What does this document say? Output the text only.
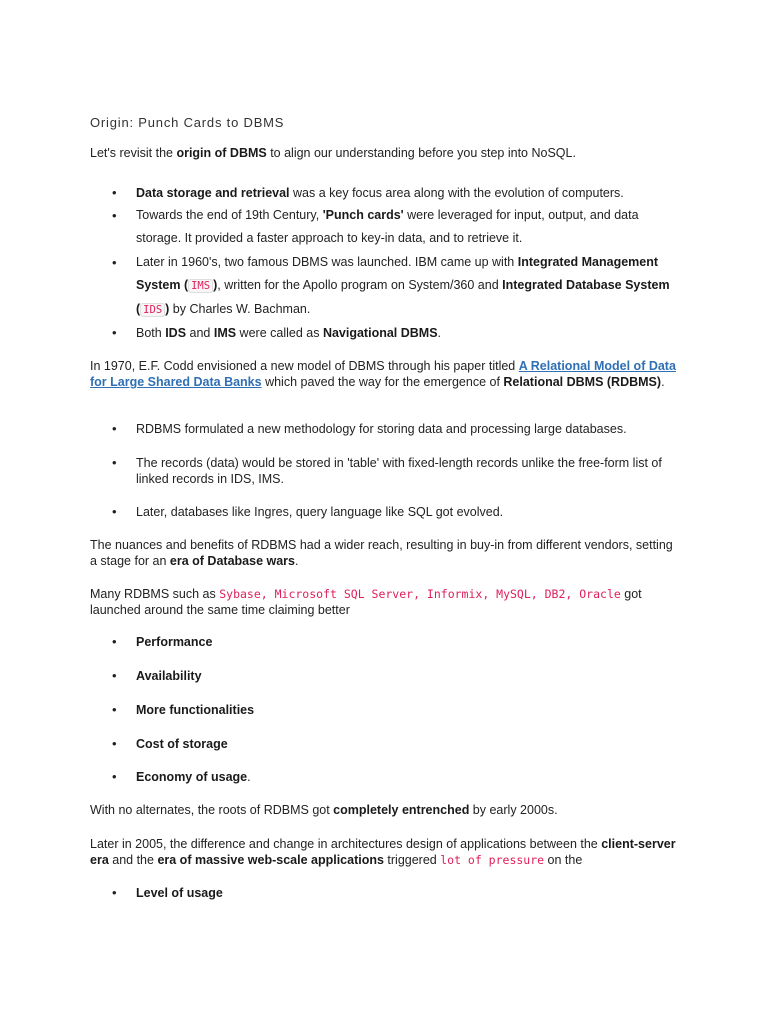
Origin: Punch Cards to DBMS

Let's revisit the origin of DBMS to align our understanding before you step into NoSQL.

• Data storage and retrieval was a key focus area along with the evolution of computers.

• Towards the end of 19th Century, 'Punch cards' were leveraged for input, output, and data storage. It provided a faster approach to key-in data, and to retrieve it.

• Later in 1960's, two famous DBMS was launched. IBM came up with Integrated Management System ( IMS ), written for the Apollo program on System/360 and Integrated Database System ( IDS ) by Charles W. Bachman.

• Both IDS and IMS were called as Navigational DBMS.

In 1970, E.F. Codd envisioned a new model of DBMS through his paper titled A Relational Model of Data for Large Shared Data Banks which paved the way for the emergence of Relational DBMS (RDBMS).

• RDBMS formulated a new methodology for storing data and processing large databases.

• The records (data) would be stored in 'table' with fixed-length records unlike the free-form list of linked records in IDS, IMS.

• Later, databases like Ingres, query language like SQL got evolved.

The nuances and benefits of RDBMS had a wider reach, resulting in buy-in from different vendors, setting a stage for an era of Database wars.

Many RDBMS such as Sybase, Microsoft SQL Server, Informix, MySQL, DB2, Oracle got launched around the same time claiming better

• Performance

• Availability

• More functionalities

• Cost of storage

• Economy of usage.

With no alternates, the roots of RDBMS got completely entrenched by early 2000s.

Later in 2005, the difference and change in architectures design of applications between the client-server era and the era of massive web-scale applications triggered lot of pressure on the

• Level of usage
